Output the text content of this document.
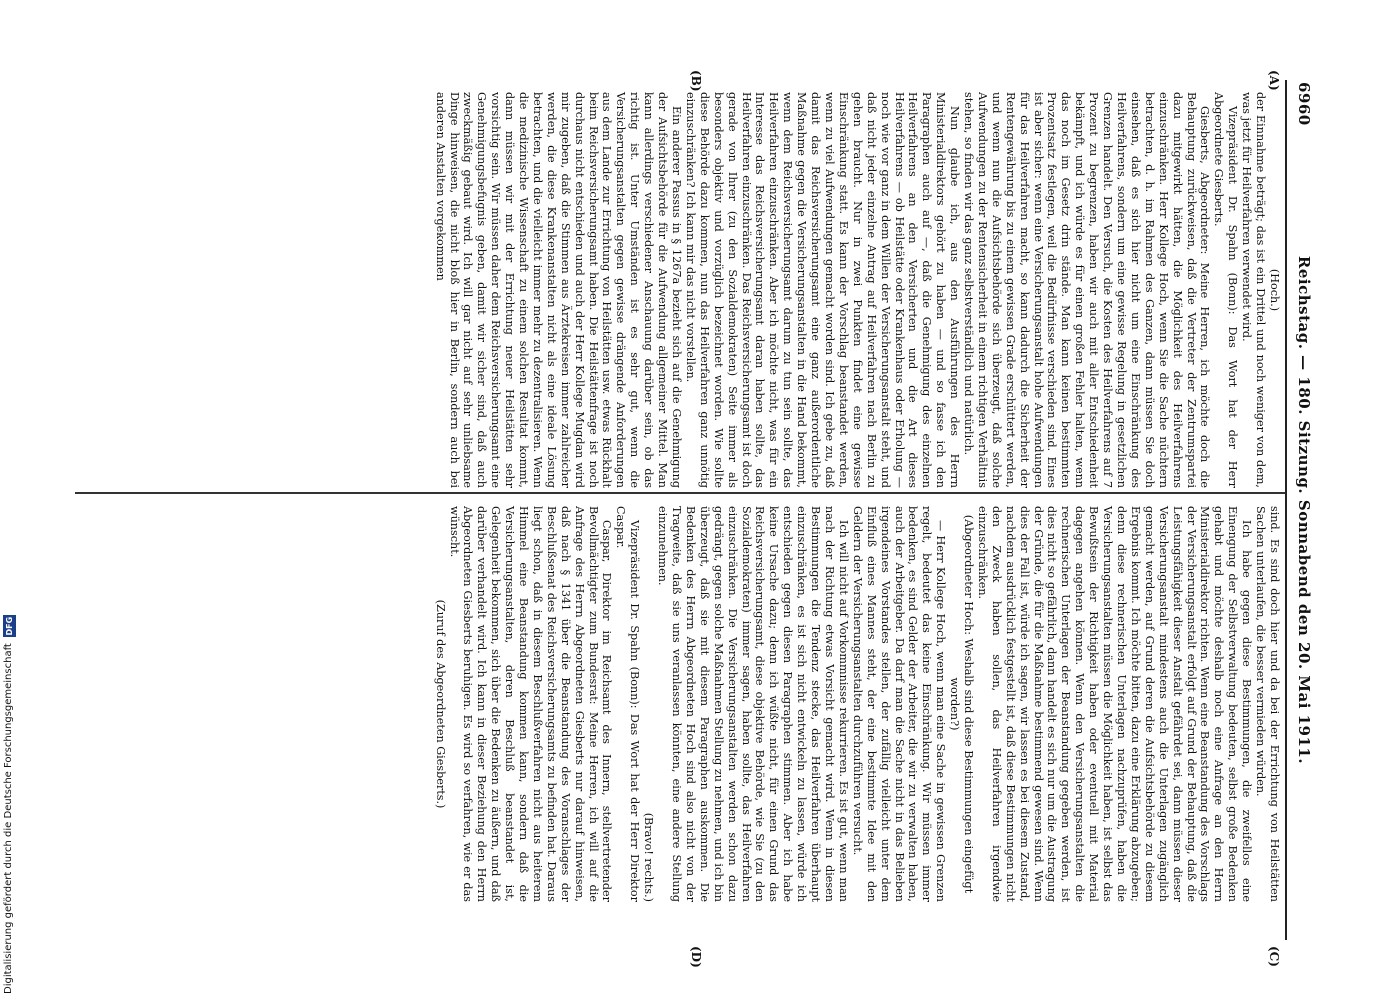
6960
Reichstag. — 180. Sitzung. Sonnabend den 20. Mai 1911.
(A)
(B)
(C)
(D)

(Hoch.)

der Einnahme beträgt; das ist ein Drittel und noch weniger von dem, was jetzt für Heilverfahren verwendet wird.

Vizepräsident Dr. Spahn (Bonn): Das Wort hat der Herr Abgeordnete Giesberts.

Giesberts, Abgeordneter: Meine Herren, ich möchte doch die Behauptung zurückweisen, daß die Vertreter der Zentrumspartei dazu mitgewirkt hätten, die Möglichkeit des Heilverfahrens einzuschränken. Herr Kollege Hoch, wenn Sie die Sache nüchtern betrachten, d. h. im Rahmen des Ganzen, dann müssen Sie doch einsehen, daß es sich hier nicht um eine Einschränkung des Heilverfahrens, sondern um eine gewisse Regelung in gesetzlichen Grenzen handelt. Den Versuch, die Kosten des Heilverfahrens auf 7 Prozent zu begrenzen, haben wir auch mit aller Entschiedenheit bekämpft, und ich würde es für einen großen Fehler halten, wenn das noch im Gesetz drin stände. Man kann keinen bestimmten Prozentsatz festlegen, weil die Bedürfnisse verschieden sind. Eines ist aber sicher: wenn eine Versicherungsanstalt hohe Aufwendungen für das Heilverfahren macht, so kann dadurch die Sicherheit der Rentengewährung bis zu einem gewissen Grade erschüttert werden, und wenn nun die Aufsichtsbehörde sich überzeugt, daß solche Aufwendungen zu der Rentensicherheit in einem richtigen Verhältnis stehen, so finden wir das ganz selbstverständlich und natürlich.

Nun glaube ich, aus den Ausführungen des Herrn Ministerialdirektors gehört zu haben — und so fasse ich den Paragraphen auch auf —, daß die Genehmigung des einzelnen Heilverfahrens an den Versicherten und die Art dieses Heilverfahrens — ob Heilstätte oder Krankenhaus oder Erholung — noch wie vor ganz in dem Willen der Versicherungsanstalt steht, und daß nicht jeder einzelne Antrag auf Heilverfahren nach Berlin zu gehen braucht. Nur in zwei Punkten findet eine gewisse Einschränkung statt. Es kann der Vorschlag beanstandet werden, wenn zu viel Aufwendungen gemacht worden sind. Ich gebe zu, daß damit das Reichsversicherungsamt eine ganz außerordentliche Maßnahme gegen die Versicherungsanstalten in die Hand bekommt, wenn dem Reichsversicherungsamt darum zu tun sein sollte, das Heilverfahren einzuschränken. Aber ich möchte nicht, was für ein Interesse das Reichsversicherungsamt daran haben sollte, das Heilverfahren einzuschränken. Das Reichsversicherungsamt ist doch gerade von Ihrer (zu den Sozialdemokraten) Seite immer als besonders objektiv und vorzüglich bezeichnet worden. Wie sollte diese Behörde dazu kommen, nun das Heilverfahren ganz unnötig einzuschränken? Ich kann mir das nicht vorstellen.

Ein anderer Passus in § 1267a bezieht sich auf die Genehmigung der Aufsichtsbehörde für die Aufwendung allgemeiner Mittel. Man kann allerdings verschiedener Anschauung darüber sein, ob das richtig ist. Unter Umständen ist es sehr gut, wenn die Versicherungsanstalten gegen gewisse drängende Anforderungen aus dem Lande zur Errichtung von Heilstätten usw. etwas Rückhalt beim Reichsversicherungsamt haben. Die Heilstättenfrage ist noch durchaus nicht entschieden und auch der Herr Kollege Mugdan wird mir zugeben, daß die Stimmen aus Ärztekreisen immer zahlreicher werden, die diese Krankenanstalten nicht als eine ideale Lösung betrachten, und die vielleicht immer mehr zu dezentralisieren. Wenn die medizinische Wissenschaft zu einem solchen Resultat kommt, dann müssen wir mit der Errichtung neuer Heilstätten sehr vorsichtig sein. Wir müssen daher dem Reichsversicherungsamt eine Genehmigungsbefugnis geben, damit wir sicher sind, daß auch zweckmäßig gebaut wird. Ich will gar nicht auf sehr unliebsame Dinge hinweisen, die nicht bloß hier in Berlin, sondern auch bei anderen Anstalten vorgekommen

sind. Es sind doch hier und da bei der Errichtung von Heilstätten Sachen unterlaufen, die besser vermieden würden.

Ich habe gegen diese Bestimmungen, die zweifellos eine Einengung der Selbstverwaltung bedeuten, selbst große Bedenken gehabt und möchte deshalb noch eine Anfrage an den Herrn Ministerialdirektor richten. Wenn eine Beanstandung des Vorschlags der Versicherungsanstalt erfolgt auf Grund der Behauptung, daß die Leistungsfähigkeit dieser Anstalt gefährdet sei, dann müssen dieser Versicherungsanstalt mindestens auch die Unterlagen zugänglich gemacht werden, auf Grund deren die Aufsichtsbehörde zu diesem Ergebnis kommt. Ich möchte bitten, dazu eine Erklärung abzugeben; denn diese rechnerischen Unterlagen nachzuprüfen, haben die Versicherungsanstalten müssen die Möglichkeit haben, ist selbst das Bewußtsein der Richtigkeit haben oder eventuell mit Material dagegen angehen können. Wenn den Versicherungsanstalten die rechnerischen Unterlagen der Beanstandung gegeben werden, ist dies nicht so gefährlich, dann handelt es sich nur um die Austragung der Gründe, die für die Maßnahme bestimmend gewesen sind. Wenn dies der Fall ist, würde ich sagen, wir lassen es bei diesem Zustand, nachdem ausdrücklich festgestellt ist, daß diese Bestimmungen nicht den Zweck haben sollen, das Heilverfahren irgendwie einzuschränken.

(Abgeordneter Hoch: Weshalb sind diese Bestimmungen eingefügt worden?)

— Herr Kollege Hoch, wenn man eine Sache in gewissen Grenzen regelt, bedeutet das keine Einschränkung. Wir müssen immer bedenken, es sind Gelder der Arbeiter, die wir zu verwalten haben, auch der Arbeitgeber. Da darf man die Sache nicht in das Belieben irgendeines Vorstandes stellen, der zufällig vielleicht unter dem Einfluß eines Mannes steht, der eine bestimmte Idee mit den Geldern der Versicherungsanstalten durchzuführen versucht.

Ich will nicht auf Vorkommnisse rekurrieren. Es ist gut, wenn man nach der Richtung etwas Vorsicht gemacht wird. Wenn in diesen Bestimmungen die Tendenz stecke, das Heilverfahren überhaupt einzuschränken, es ist sich nicht entwickeln zu lassen, würde ich entschieden gegen diesen Paragraphen stimmen. Aber ich habe keine Ursache dazu; denn ich wüßte nicht, für einen Grund das Reichsversicherungsamt, diese objektive Behörde, wie Sie (zu den Sozialdemokraten) immer sagen, haben sollte, das Heilverfahren einzuschränken. Die Versicherungsanstalten werden schon dazu gedrängt, gegen solche Maßnahmen Stellung zu nehmen, und ich bin überzeugt, daß sie mit diesem Paragraphen auskommen. Die Bedenken des Herrn Abgeordneten Hoch sind also nicht von der Tragweite, daß sie uns veranlassen könnten, eine andere Stellung einzunehmen.

(Bravo! rechts.)

Vizepräsident Dr. Spahn (Bonn): Das Wort hat der Herr Direktor Caspar.

Caspar, Direktor im Reichsamt des Innern, stellvertretender Bevollmächtigter zum Bundesrat: Meine Herren, ich will auf die Anfrage des Herrn Abgeordneten Giesberts nur darauf hinweisen, daß nach § 1341 über die Beanstandung des Voranschlages der Beschlußsenat des Reichsversicherungsamts zu befinden hat. Daraus liegt schon, daß in diesem Beschlußverfahren nicht aus heiterem Himmel eine Beanstandung kommen kann, sondern daß die Versicherungsanstalten, deren Beschluß beanstandet ist, Gelegenheit bekommen, sich über die Bedenken zu äußern, und daß darüber verhandelt wird. Ich kann in dieser Beziehung den Herrn Abgeordneten Giesberts beruhigen. Es wird so verfahren, wie er das wünscht.

(Zuruf des Abgeordneten Giesberts.)

Digitalisierung gefördert durch die Deutsche Forschungsgemeinschaft
DFG
